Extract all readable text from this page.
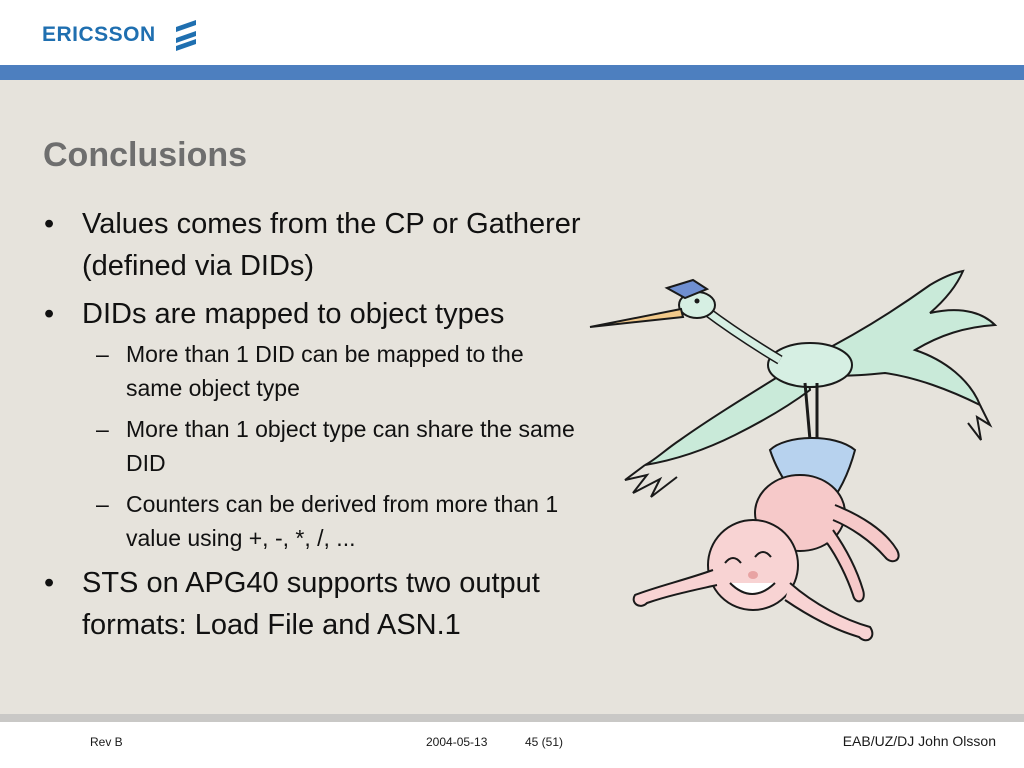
ERICSSON
Conclusions
• Values comes from the CP or Gatherer (defined via DIDs)
• DIDs are mapped to object types
– More than 1 DID can be mapped to the same object type
– More than 1 object type can share the same DID
– Counters can be derived from more than 1 value using +, -, *, /, ...
• STS on APG40 supports two output formats: Load File and ASN.1
Rev B	2004-05-13	45 (51)	EAB/UZ/DJ John Olsson
